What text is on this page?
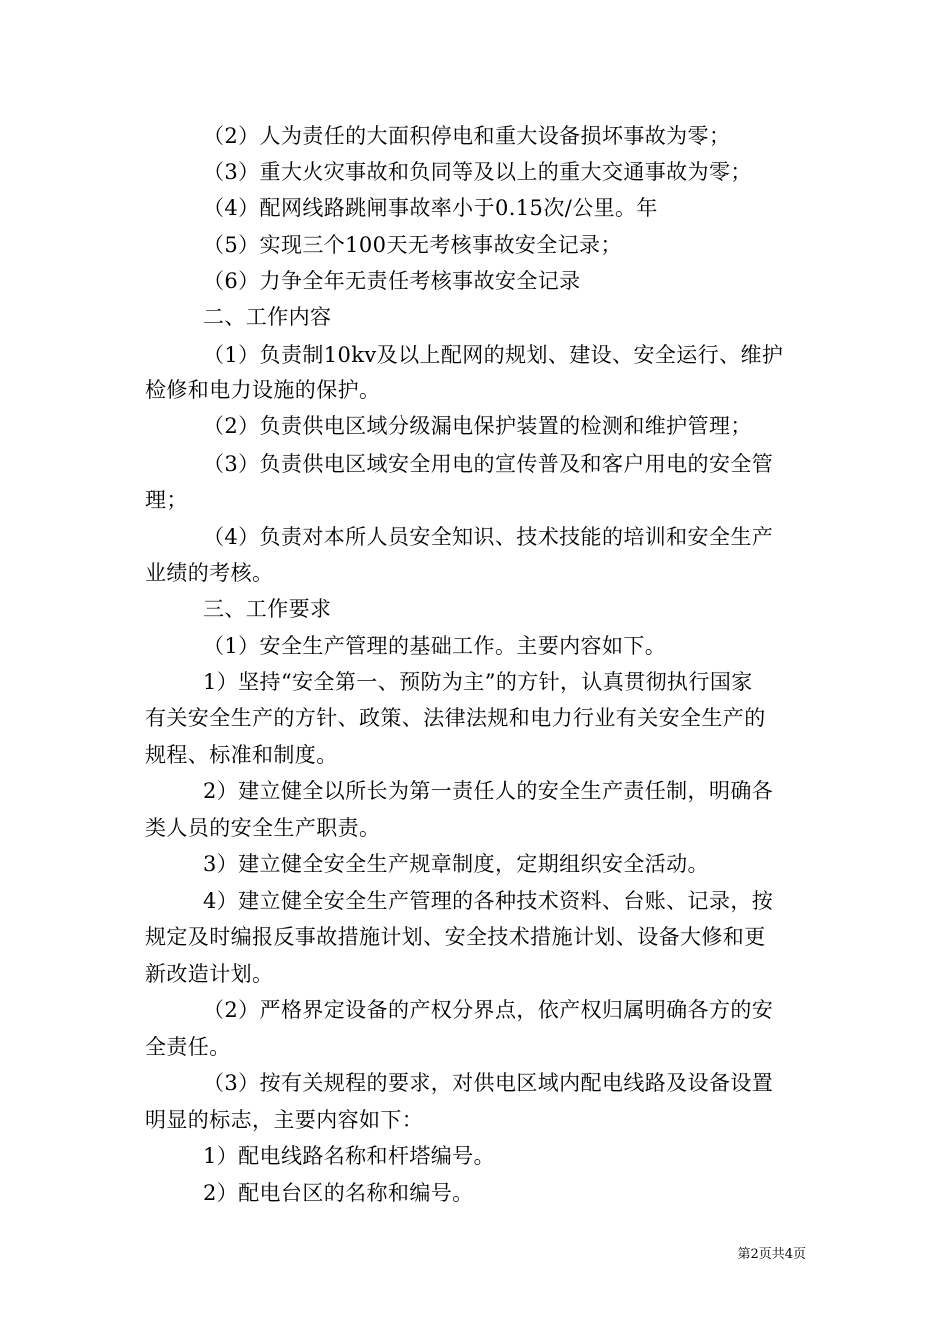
（2）人为责任的大面积停电和重大设备损坏事故为零；
（3）重大火灾事故和负同等及以上的重大交通事故为零；
（4）配网线路跳闸事故率小于0.15次/公里。年
（5）实现三个100天无考核事故安全记录；
（6）力争全年无责任考核事故安全记录
二、工作内容
（1）负责制10kv及以上配网的规划、建设、安全运行、维护
检修和电力设施的保护。
（2）负责供电区域分级漏电保护装置的检测和维护管理；
（3）负责供电区域安全用电的宣传普及和客户用电的安全管
理；
（4）负责对本所人员安全知识、技术技能的培训和安全生产
业绩的考核。
三、工作要求
（1）安全生产管理的基础工作。主要内容如下。
1）坚持“安全第一、预防为主”的方针，认真贯彻执行国家
有关安全生产的方针、政策、法律法规和电力行业有关安全生产的
规程、标准和制度。
2）建立健全以所长为第一责任人的安全生产责任制，明确各
类人员的安全生产职责。
3）建立健全安全生产规章制度，定期组织安全活动。
4）建立健全安全生产管理的各种技术资料、台账、记录，按
规定及时编报反事故措施计划、安全技术措施计划、设备大修和更
新改造计划。
（2）严格界定设备的产权分界点，依产权归属明确各方的安
全责任。
（3）按有关规程的要求，对供电区域内配电线路及设备设置
明显的标志，主要内容如下：
1）配电线路名称和杆塔编号。
2）配电台区的名称和编号。
第2页共4页
